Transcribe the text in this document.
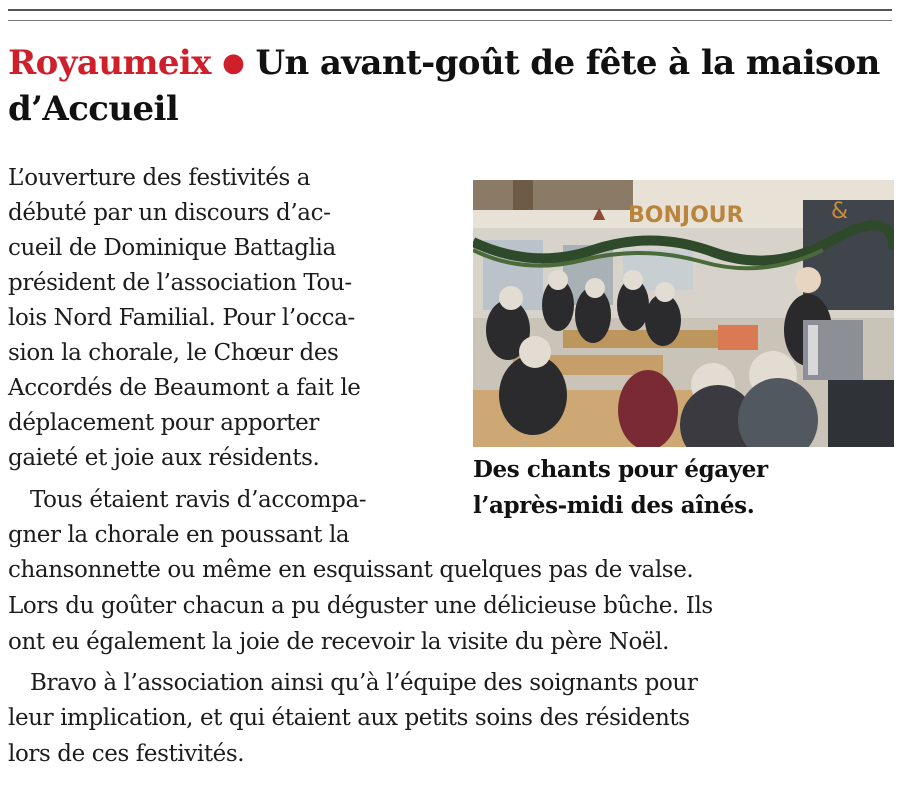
Royaumeix ● Un avant-goût de fête à la maison
d’Accueil
L’ouverture des festivités a
débuté par un discours d’ac-
cueil de Dominique Battaglia
président de l’association Tou-
lois Nord Familial. Pour l’occa-
sion la chorale, le Chœur des
Accordés de Beaumont a fait le
déplacement pour apporter
gaieté et joie aux résidents.
Tous étaient ravis d’accompa-
gner la chorale en poussant la
chansonnette ou même en esquissant quelques pas de valse.
Lors du goûter chacun a pu déguster une délicieuse bûche. Ils
ont eu également la joie de recevoir la visite du père Noël.
Bravo à l’association ainsi qu’à l’équipe des soignants pour
leur implication, et qui étaient aux petits soins des résidents
lors de ces festivités.
BONJOUR
▲	&
Des chants pour égayer
l’après-midi des aînés.
